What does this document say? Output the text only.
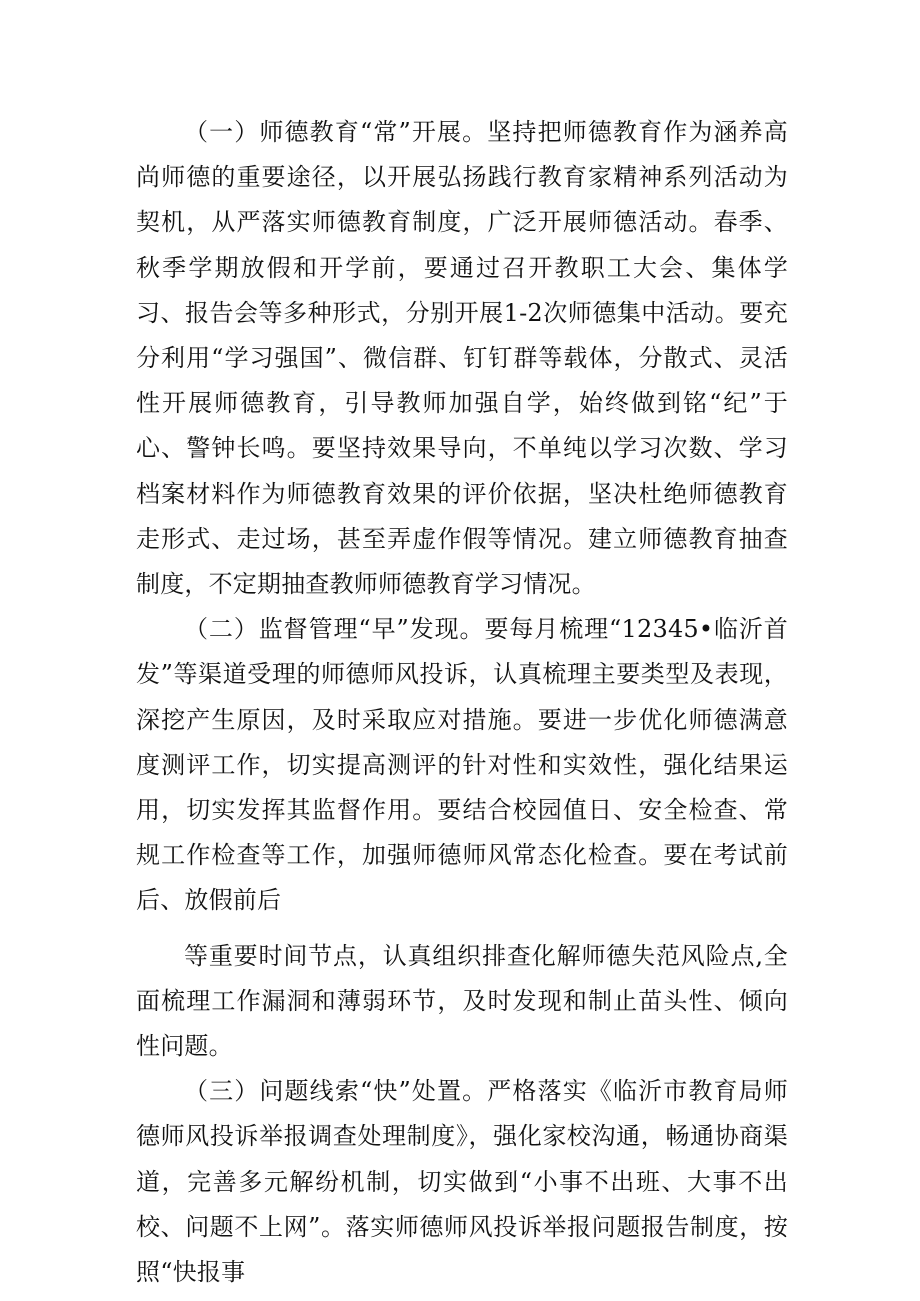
（一）师德教育“常”开展。坚持把师德教育作为涵养高尚师德的重要途径，以开展弘扬践行教育家精神系列活动为契机，从严落实师德教育制度，广泛开展师德活动。春季、秋季学期放假和开学前，要通过召开教职工大会、集体学习、报告会等多种形式，分别开展1-2次师德集中活动。要充分利用“学习强国”、微信群、钉钉群等载体，分散式、灵活性开展师德教育，引导教师加强自学，始终做到铭“纪”于心、警钟长鸣。要坚持效果导向，不单纯以学习次数、学习档案材料作为师德教育效果的评价依据，坚决杜绝师德教育走形式、走过场，甚至弄虚作假等情况。建立师德教育抽查制度，不定期抽查教师师德教育学习情况。

（二）监督管理“早”发现。要每月梳理“12345•临沂首发”等渠道受理的师德师风投诉，认真梳理主要类型及表现，深挖产生原因，及时采取应对措施。要进一步优化师德满意度测评工作，切实提高测评的针对性和实效性，强化结果运用，切实发挥其监督作用。要结合校园值日、安全检查、常规工作检查等工作，加强师德师风常态化检查。要在考试前后、放假前后

等重要时间节点，认真组织排查化解师德失范风险点,全面梳理工作漏洞和薄弱环节，及时发现和制止苗头性、倾向性问题。

（三）问题线索“快”处置。严格落实《临沂市教育局师德师风投诉举报调查处理制度》，强化家校沟通，畅通协商渠道，完善多元解纷机制，切实做到“小事不出班、大事不出校、问题不上网”。落实师德师风投诉举报问题报告制度，按照“快报事
